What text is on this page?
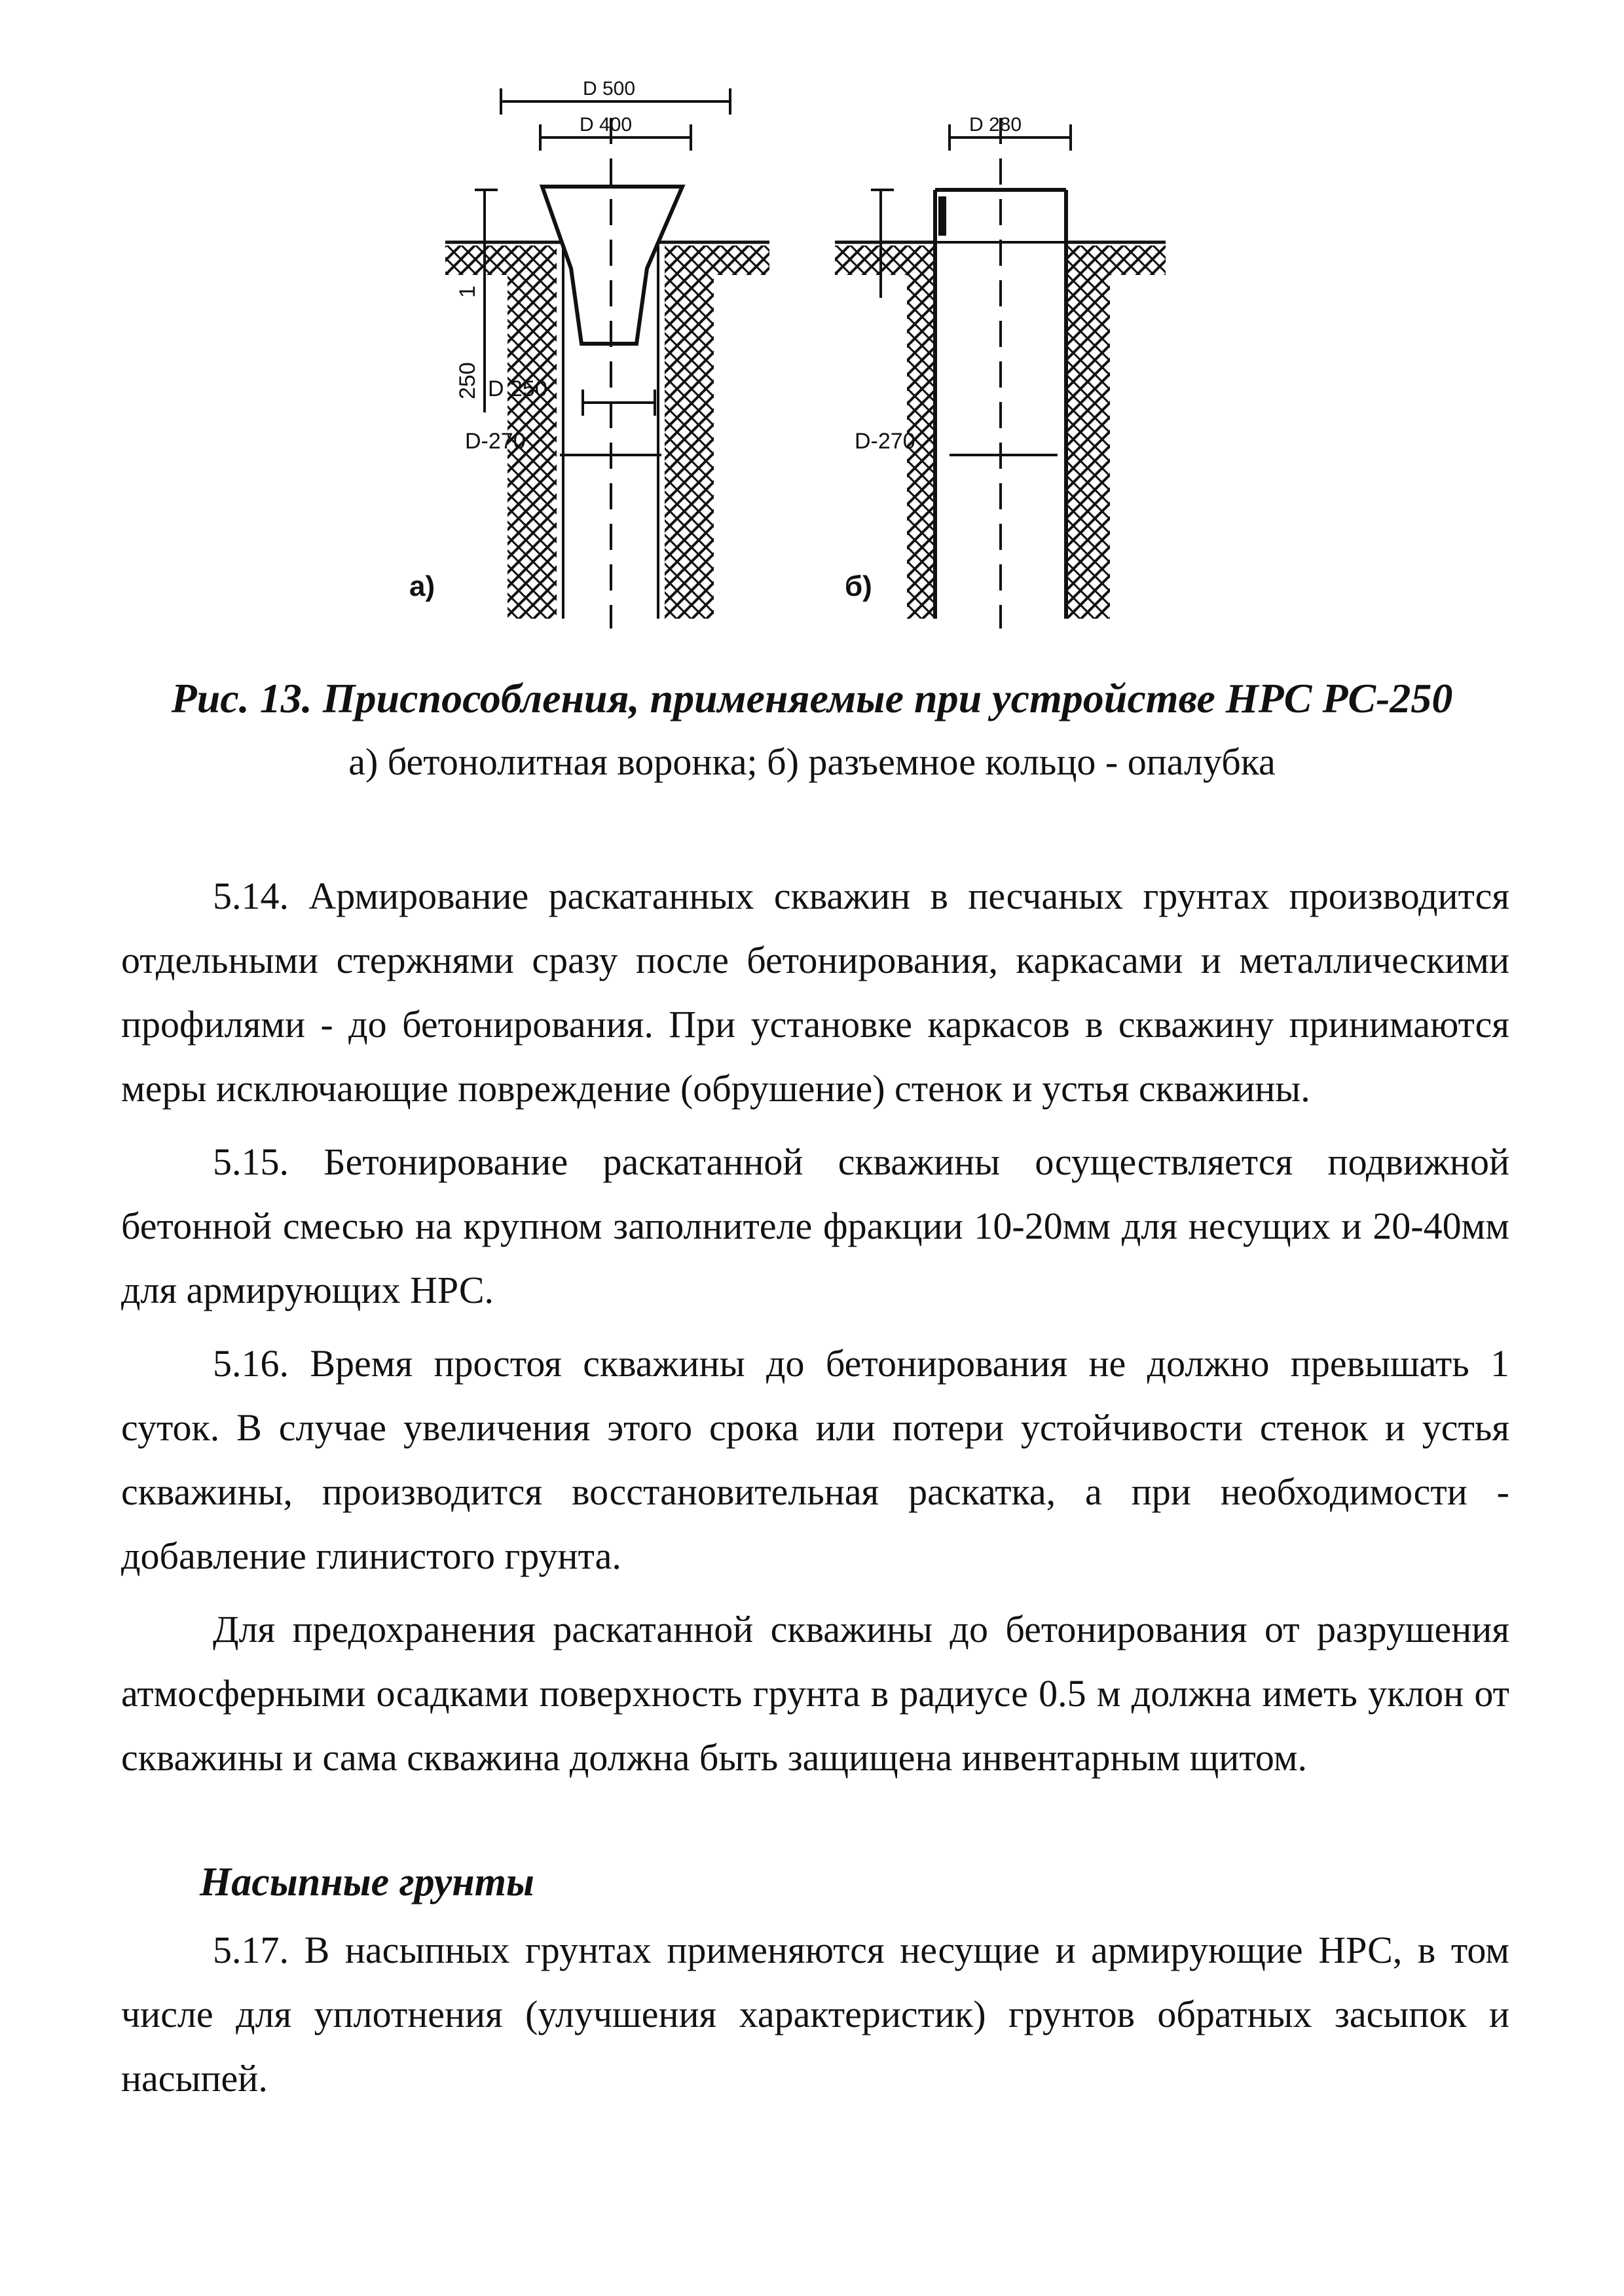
D 500
D 400
250
1
D 250
D-270
а)
D 280
D-270
б)
Рис. 13. Приспособления, применяемые при устройстве НРС РС-250
а) бетонолитная воронка; б) разъемное кольцо - опалубка

5.14. Армирование раскатанных скважин в песчаных грунтах производится отдельными стержнями сразу после бетонирования, каркасами и металлическими профилями - до бетонирования. При установке каркасов в скважину принимаются меры исключающие повреждение (обрушение) стенок и устья скважины.

5.15. Бетонирование раскатанной скважины осуществляется подвижной бетонной смесью на крупном заполнителе фракции 10-20мм для несущих и 20-40мм для армирующих НРС.

5.16. Время простоя скважины до бетонирования не должно превышать 1 суток. В случае увеличения этого срока или потери устойчивости стенок и устья скважины, производится восстановительная раскатка, а при необходимости - добавление глинистого грунта.

Для предохранения раскатанной скважины до бетонирования от разрушения атмосферными осадками поверхность грунта в радиусе 0.5 м должна иметь уклон от скважины и сама скважина должна быть защищена инвентарным щитом.

Насыпные грунты

5.17. В насыпных грунтах применяются несущие и армирующие НРС, в том числе для уплотнения (улучшения характеристик) грунтов обратных засыпок и насыпей.
